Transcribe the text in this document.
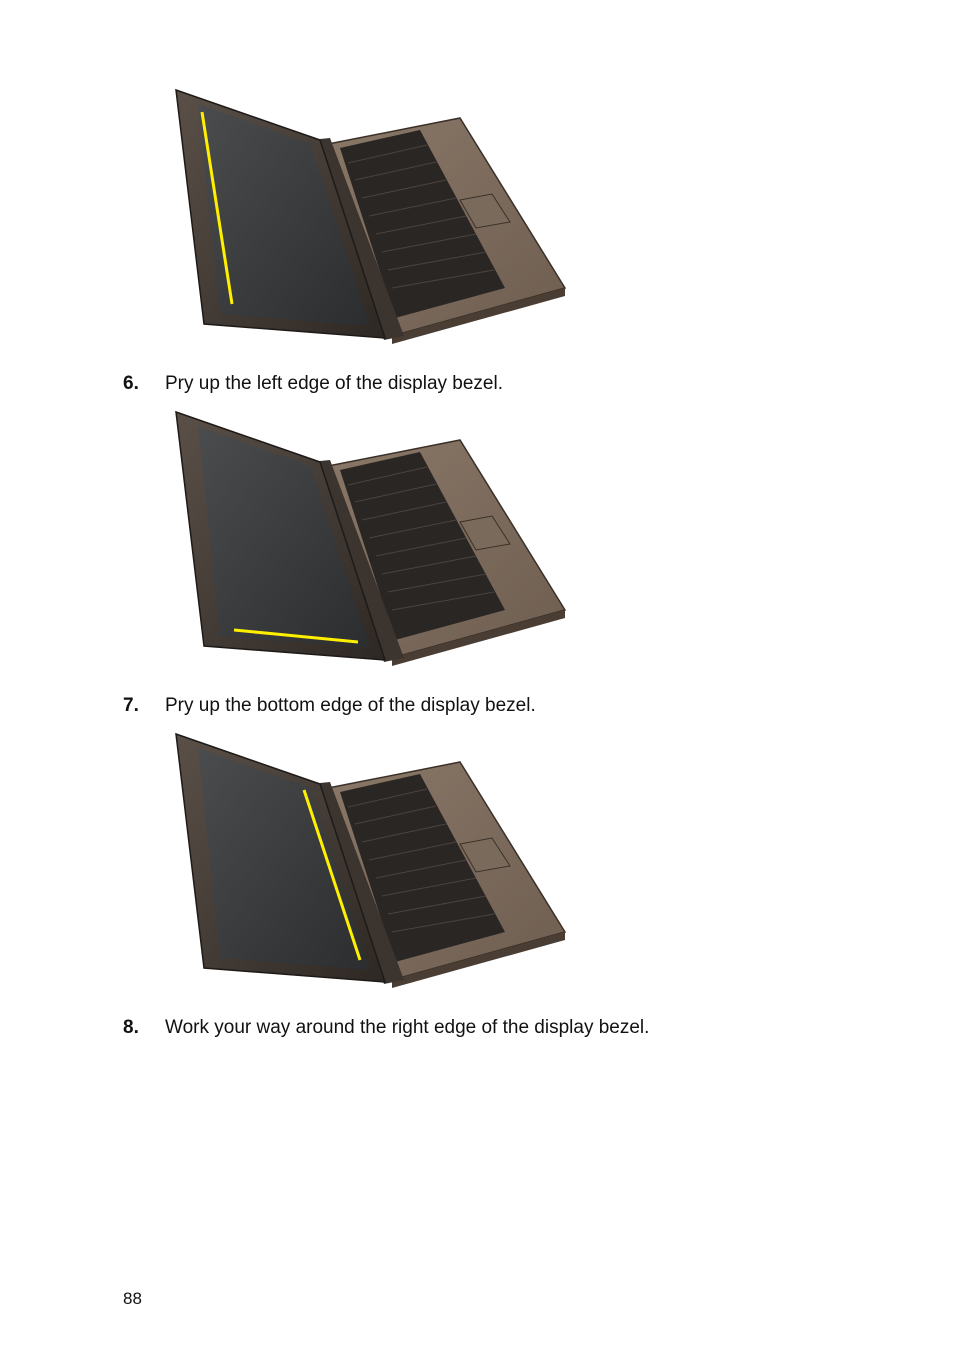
6. Pry up the left edge of the display bezel.
7. Pry up the bottom edge of the display bezel.
8. Work your way around the right edge of the display bezel.
88
